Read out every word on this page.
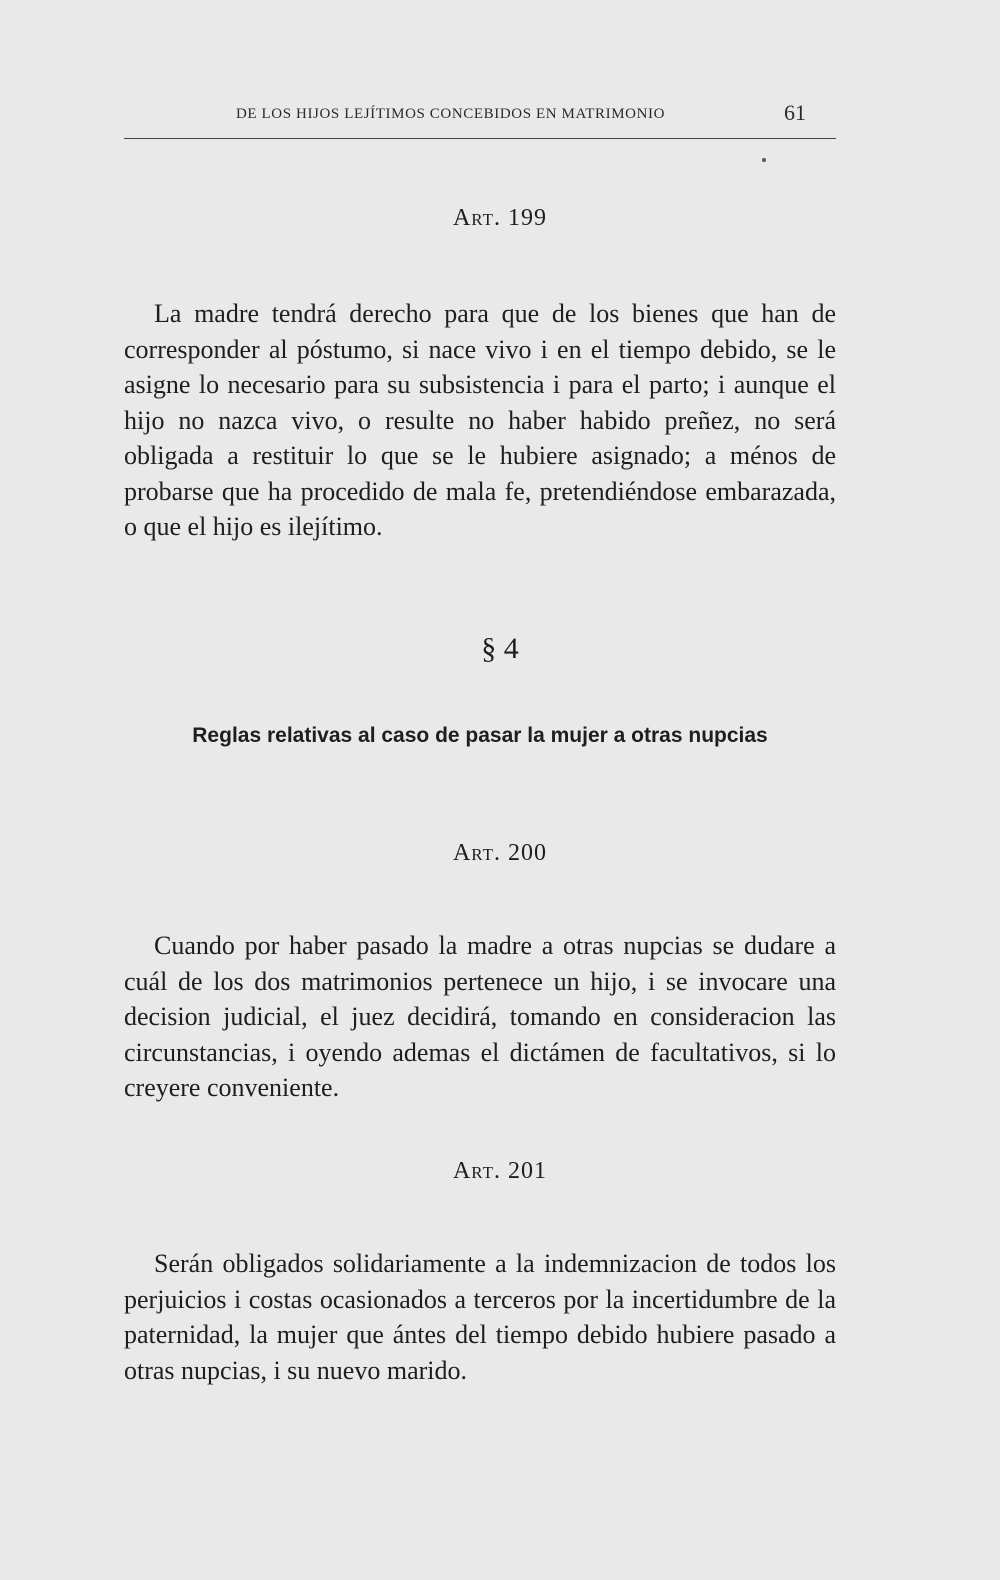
DE LOS HIJOS LEJÍTIMOS CONCEBIDOS EN MATRIMONIO	61
Art. 199

La madre tendrá derecho para que de los bienes que han de corresponder al póstumo, si nace vivo i en el tiempo debido, se le asigne lo necesario para su subsistencia i para el parto; i aunque el hijo no nazca vivo, o resulte no haber habido preñez, no será obligada a restituir lo que se le hubiere asignado; a ménos de probarse que ha procedido de mala fe, pretendiéndose embarazada, o que el hijo es ilejítimo.

§ 4
Reglas relativas al caso de pasar la mujer a otras nupcias
Art. 200

Cuando por haber pasado la madre a otras nupcias se dudare a cuál de los dos matrimonios pertenece un hijo, i se invocare una decision judicial, el juez decidirá, tomando en consideracion las circunstancias, i oyendo ademas el dictámen de facultativos, si lo creyere conveniente.

Art. 201

Serán obligados solidariamente a la indemnizacion de todos los perjuicios i costas ocasionados a terceros por la incertidumbre de la paternidad, la mujer que ántes del tiempo debido hubiere pasado a otras nupcias, i su nuevo marido.
